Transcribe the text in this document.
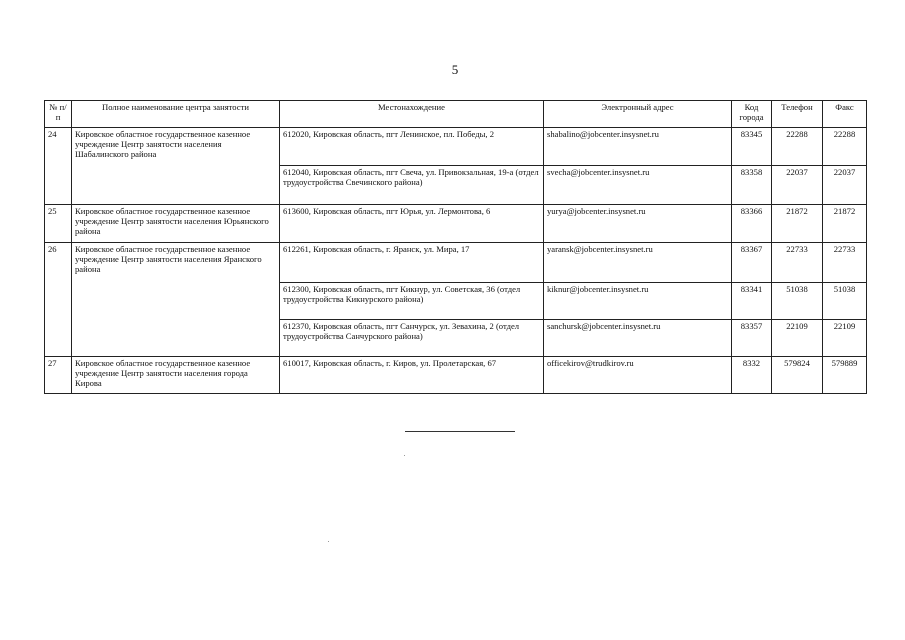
5
№ п/п	Полное наименование центра занятости	Местонахождение	Электронный адрес	Код города	Телефон	Факс
24	Кировское областное государственное казенное учреждение Центр занятости населения Шабалинского района	612020, Кировская область, пгт Ленинское, пл. Победы, 2	shabalino@jobcenter.insysnet.ru	83345	22288	22288
		612040, Кировская область, пгт Свеча, ул. Привокзальная, 19-а (отдел трудоустройства Свечинского района)	svecha@jobcenter.insysnet.ru	83358	22037	22037
25	Кировское областное государственное казенное учреждение Центр занятости населения Юрьянского района	613600, Кировская область, пгт Юрья, ул. Лермонтова, 6	yurya@jobcenter.insysnet.ru	83366	21872	21872
26	Кировское областное государственное казенное учреждение Центр занятости населения Яранского района	612261, Кировская область, г. Яранск, ул. Мира, 17	yaransk@jobcenter.insysnet.ru	83367	22733	22733
		612300, Кировская область, пгт Кикнур, ул. Советская, 36 (отдел трудоустройства Кикнурского района)	kiknur@jobcenter.insysnet.ru	83341	51038	51038
		612370, Кировская область, пгт Санчурск, ул. Зевахина, 2 (отдел трудоустройства Санчурского района)	sanchursk@jobcenter.insysnet.ru	83357	22109	22109
27	Кировское областное государственное казенное учреждение Центр занятости населения города Кирова	610017, Кировская область, г. Киров, ул. Пролетарская, 67	officekirov@trudkirov.ru	8332	579824	579889
